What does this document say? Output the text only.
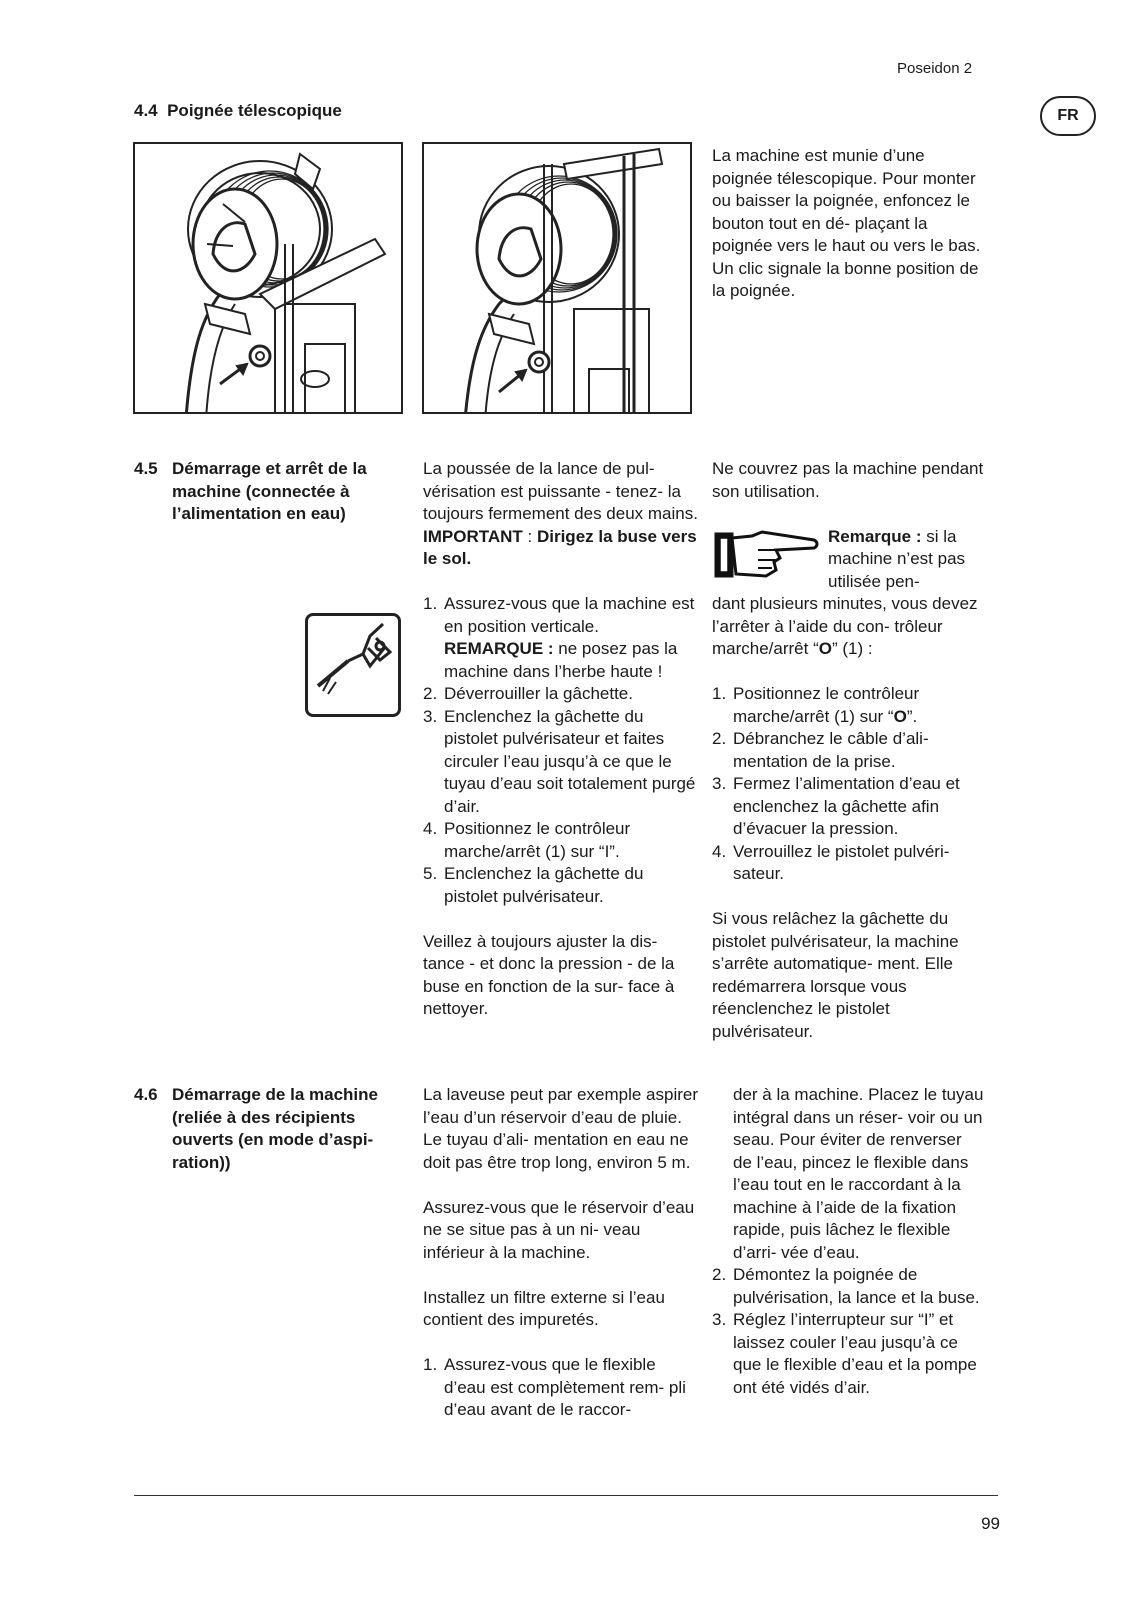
Poseidon 2
FR
4.4 Poignée télescopique

La machine est munie d’une poignée télescopique. Pour monter ou baisser la poignée, enfoncez le bouton tout en dé- plaçant la poignée vers le haut ou vers le bas. Un clic signale la bonne position de la poignée.

4.5 Démarrage et arrêt de la machine (connectée à l’alimentation en eau)

La poussée de la lance de pul- vérisation est puissante - tenez- la toujours fermement des deux mains. IMPORTANT : Dirigez la buse vers le sol.

1. Assurez-vous que la machine est en position verticale. REMARQUE : ne posez pas la machine dans l’herbe haute !
2. Déverrouiller la gâchette.
3. Enclenchez la gâchette du pistolet pulvérisateur et faites circuler l’eau jusqu’à ce que le tuyau d’eau soit totalement purgé d’air.
4. Positionnez le contrôleur marche/arrêt (1) sur “I”.
5. Enclenchez la gâchette du pistolet pulvérisateur.

Veillez à toujours ajuster la dis- tance - et donc la pression - de la buse en fonction de la sur- face à nettoyer.

Ne couvrez pas la machine pendant son utilisation.

Remarque : si la machine n’est pas utilisée pen-

dant plusieurs minutes, vous devez l’arrêter à l’aide du con- trôleur marche/arrêt “O” (1) :

1. Positionnez le contrôleur marche/arrêt (1) sur “O”.
2. Débranchez le câble d’ali- mentation de la prise.
3. Fermez l’alimentation d’eau et enclenchez la gâchette afin d’évacuer la pression.
4. Verrouillez le pistolet pulvéri- sateur.

Si vous relâchez la gâchette du pistolet pulvérisateur, la machine s’arrête automatique- ment. Elle redémarrera lorsque vous réenclenchez le pistolet pulvérisateur.

4.6 Démarrage de la machine (reliée à des récipients ouverts (en mode d’aspi- ration))

La laveuse peut par exemple aspirer l’eau d’un réservoir d’eau de pluie. Le tuyau d’ali- mentation en eau ne doit pas être trop long, environ 5 m.

Assurez-vous que le réservoir d’eau ne se situe pas à un ni- veau inférieur à la machine.

Installez un filtre externe si l’eau contient des impuretés.

1. Assurez-vous que le flexible d’eau est complètement rem- pli d’eau avant de le raccor-
der à la machine. Placez le tuyau intégral dans un réser- voir ou un seau. Pour éviter de renverser de l’eau, pincez le flexible dans l’eau tout en le raccordant à la machine à l’aide de la fixation rapide, puis lâchez le flexible d’arri- vée d’eau.
2. Démontez la poignée de pulvérisation, la lance et la buse.
3. Réglez l’interrupteur sur “I” et laissez couler l’eau jusqu’à ce que le flexible d’eau et la pompe ont été vidés d’air.
99
